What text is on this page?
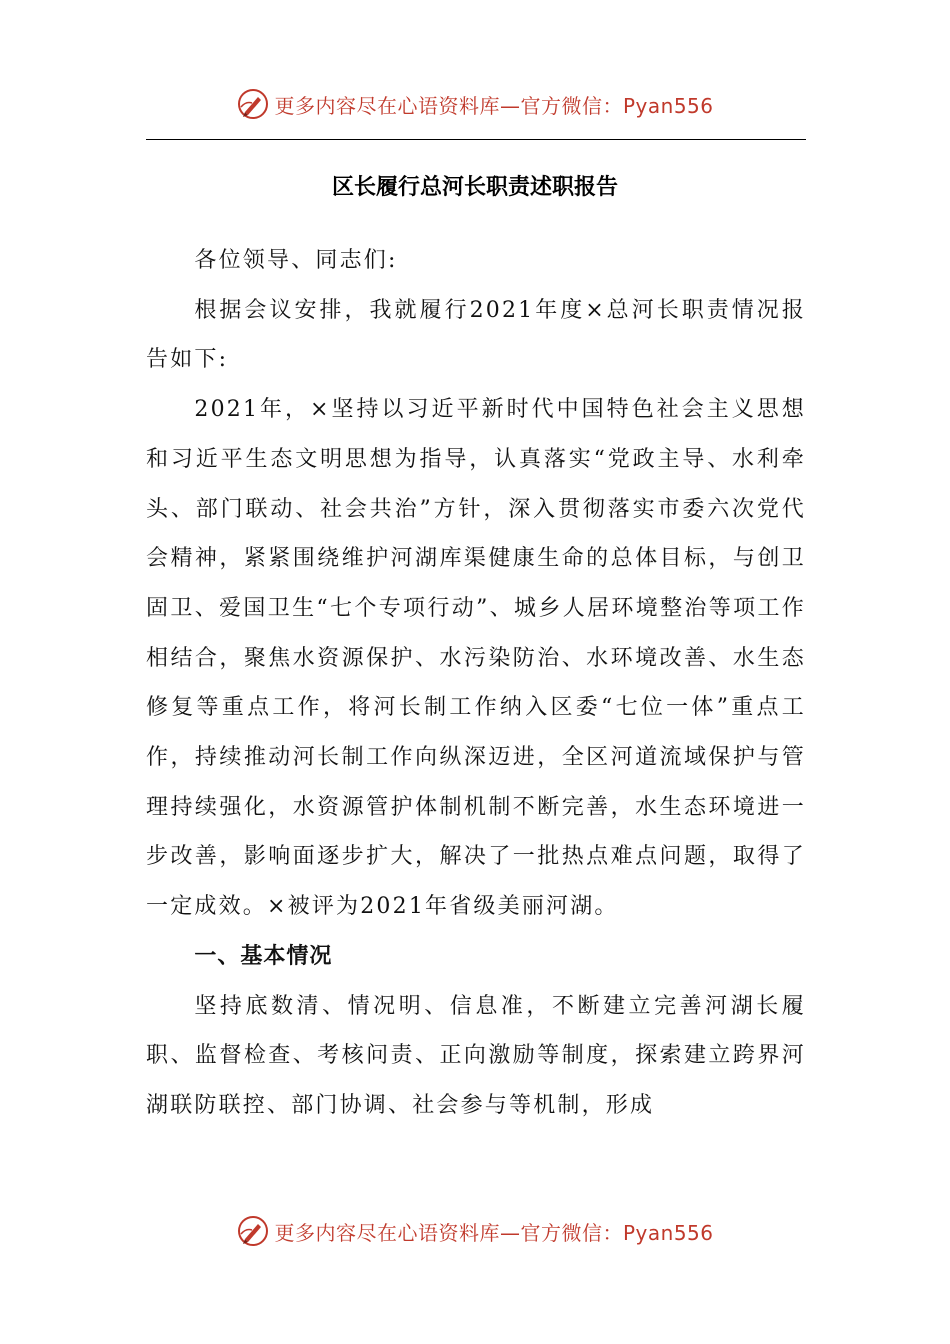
更多内容尽在心语资料库—官方微信：Pyan556
区长履行总河长职责述职报告

各位领导、同志们:

根据会议安排，我就履行2021年度×总河长职责情况报告如下:

2021年，×坚持以习近平新时代中国特色社会主义思想和习近平生态文明思想为指导，认真落实“党政主导、水利牵头、部门联动、社会共治”方针，深入贯彻落实市委六次党代会精神，紧紧围绕维护河湖库渠健康生命的总体目标，与创卫固卫、爱国卫生“七个专项行动”、城乡人居环境整治等项工作相结合，聚焦水资源保护、水污染防治、水环境改善、水生态修复等重点工作，将河长制工作纳入区委“七位一体”重点工作，持续推动河长制工作向纵深迈进，全区河道流域保护与管理持续强化，水资源管护体制机制不断完善，水生态环境进一步改善，影响面逐步扩大，解决了一批热点难点问题，取得了一定成效。×被评为2021年省级美丽河湖。

一、基本情况

坚持底数清、情况明、信息准，不断建立完善河湖长履职、监督检查、考核问责、正向激励等制度，探索建立跨界河湖联防联控、部门协调、社会参与等机制，形成

更多内容尽在心语资料库—官方微信：Pyan556
